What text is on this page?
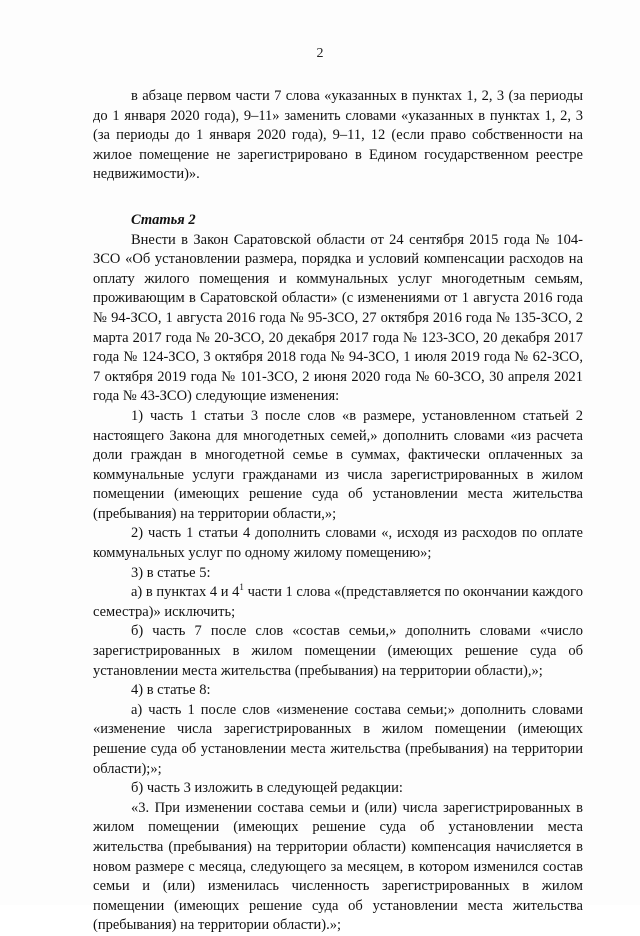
2

в абзаце первом части 7 слова «указанных в пунктах 1, 2, 3 (за периоды до 1 января 2020 года), 9–11» заменить словами «указанных в пунктах 1, 2, 3 (за периоды до 1 января 2020 года), 9–11, 12 (если право собственности на жилое помещение не зарегистрировано в Едином государственном реестре недвижимости)».

Статья 2

Внести в Закон Саратовской области от 24 сентября 2015 года № 104-ЗСО «Об установлении размера, порядка и условий компенсации расходов на оплату жилого помещения и коммунальных услуг многодетным семьям, проживающим в Саратовской области» (с изменениями от 1 августа 2016 года № 94-ЗСО, 1 августа 2016 года № 95-ЗСО, 27 октября 2016 года № 135-ЗСО, 2 марта 2017 года № 20-ЗСО, 20 декабря 2017 года № 123-ЗСО, 20 декабря 2017 года № 124-ЗСО, 3 октября 2018 года № 94-ЗСО, 1 июля 2019 года № 62-ЗСО, 7 октября 2019 года № 101-ЗСО, 2 июня 2020 года № 60-ЗСО, 30 апреля 2021 года № 43-ЗСО) следующие изменения:

1) часть 1 статьи 3 после слов «в размере, установленном статьей 2 настоящего Закона для многодетных семей,» дополнить словами «из расчета доли граждан в многодетной семье в суммах, фактически оплаченных за коммунальные услуги гражданами из числа зарегистрированных в жилом помещении (имеющих решение суда об установлении места жительства (пребывания) на территории области,»;

2) часть 1 статьи 4 дополнить словами «, исходя из расходов по оплате коммунальных услуг по одному жилому помещению»;

3) в статье 5:

а) в пунктах 4 и $4^1$ части 1 слова «(представляется по окончании каждого семестра)» исключить;

б) часть 7 после слов «состав семьи,» дополнить словами «число зарегистрированных в жилом помещении (имеющих решение суда об установлении места жительства (пребывания) на территории области),»;

4) в статье 8:

а) часть 1 после слов «изменение состава семьи;» дополнить словами «изменение числа зарегистрированных в жилом помещении (имеющих решение суда об установлении места жительства (пребывания) на территории области);»;

б) часть 3 изложить в следующей редакции:

«3. При изменении состава семьи и (или) числа зарегистрированных в жилом помещении (имеющих решение суда об установлении места жительства (пребывания) на территории области) компенсация начисляется в новом размере с месяца, следующего за месяцем, в котором изменился состав семьи и (или) изменилась численность зарегистрированных в жилом помещении (имеющих решение суда об установлении места жительства (пребывания) на территории области).»;
